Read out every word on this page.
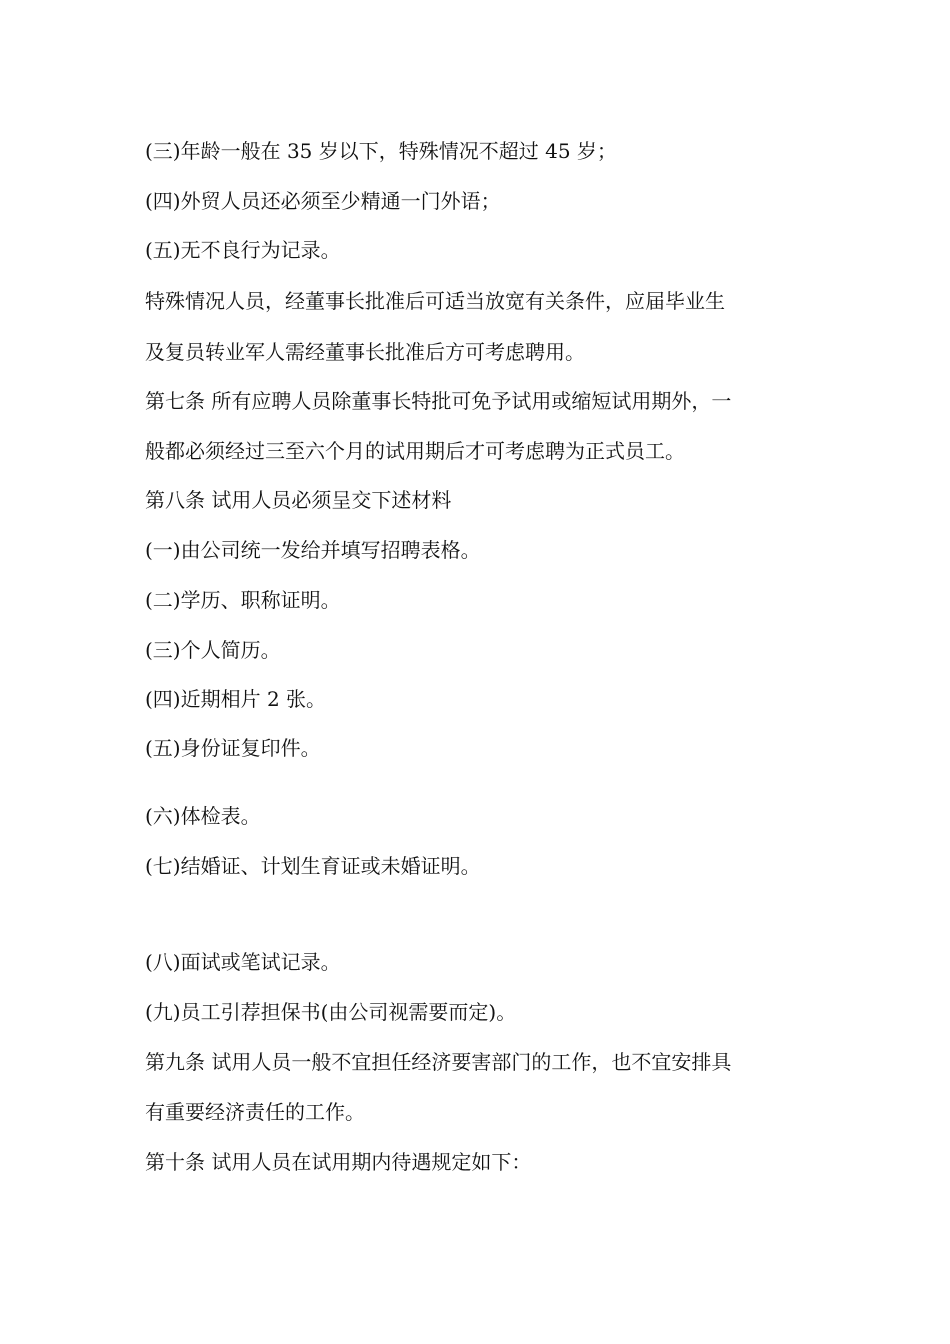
(三)年龄一般在 35 岁以下，特殊情况不超过 45 岁；

(四)外贸人员还必须至少精通一门外语；

(五)无不良行为记录。

特殊情况人员，经董事长批准后可适当放宽有关条件，应届毕业生

及复员转业军人需经董事长批准后方可考虑聘用。

第七条 所有应聘人员除董事长特批可免予试用或缩短试用期外，一

般都必须经过三至六个月的试用期后才可考虑聘为正式员工。

第八条 试用人员必须呈交下述材料

(一)由公司统一发给并填写招聘表格。

(二)学历、职称证明。

(三)个人简历。

(四)近期相片 2 张。

(五)身份证复印件。

(六)体检表。

(七)结婚证、计划生育证或未婚证明。

(八)面试或笔试记录。

(九)员工引荐担保书(由公司视需要而定)。

第九条 试用人员一般不宜担任经济要害部门的工作，也不宜安排具

有重要经济责任的工作。

第十条 试用人员在试用期内待遇规定如下：
